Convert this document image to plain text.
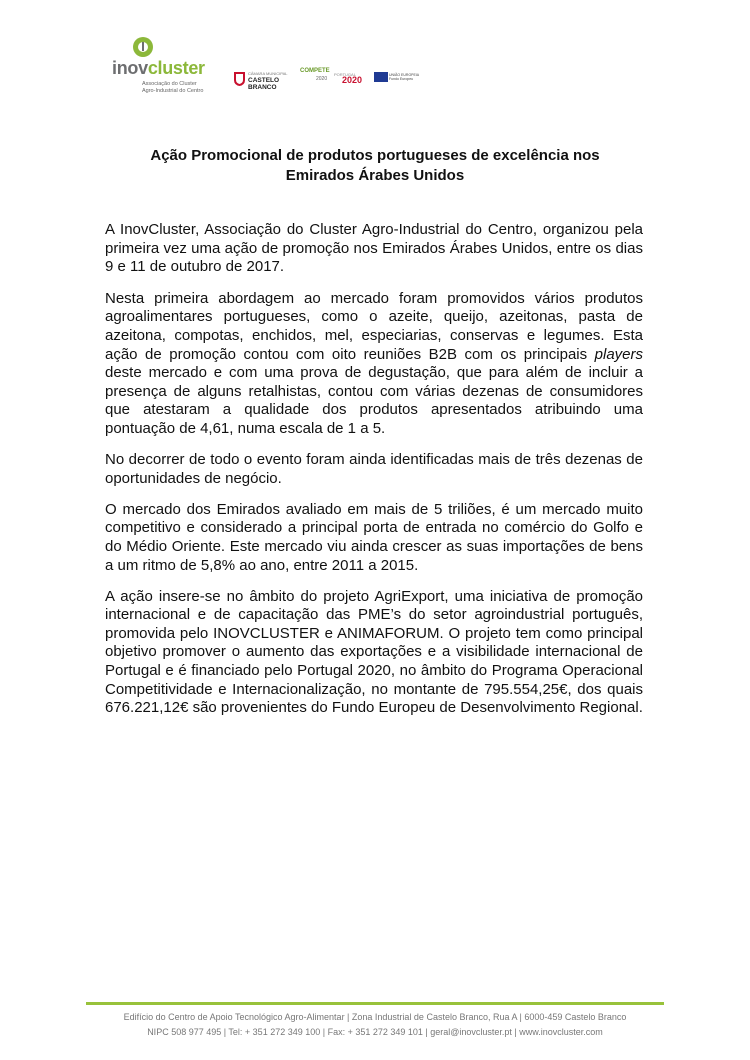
inovcluster
Associação do Cluster
Agro-Industrial do Centro
CÂMARA MUNICIPAL
CASTELO
BRANCO
COMPETE
2020
PORTUGAL
2020	UNIÃO EUROPEIA
Fundo Europeu
Ação Promocional de produtos portugueses de excelência nos
Emirados Árabes Unidos

A InovCluster, Associação do Cluster Agro-Industrial do Centro, organizou pela primeira vez uma ação de promoção nos Emirados Árabes Unidos, entre os dias 9 e 11 de outubro de 2017.

Nesta primeira abordagem ao mercado foram promovidos vários produtos agroalimentares portugueses, como o azeite, queijo, azeitonas, pasta de azeitona, compotas, enchidos, mel, especiarias, conservas e legumes. Esta ação de promoção contou com oito reuniões B2B com os principais players deste mercado e com uma prova de degustação, que para além de incluir a presença de alguns retalhistas, contou com várias dezenas de consumidores que atestaram a qualidade dos produtos apresentados atribuindo uma pontuação de 4,61, numa escala de 1 a 5.

No decorrer de todo o evento foram ainda identificadas mais de três dezenas de oportunidades de negócio.

O mercado dos Emirados avaliado em mais de 5 triliões, é um mercado muito competitivo e considerado a principal porta de entrada no comércio do Golfo e do Médio Oriente. Este mercado viu ainda crescer as suas importações de bens a um ritmo de 5,8% ao ano, entre 2011 a 2015.

A ação insere-se no âmbito do projeto AgriExport, uma iniciativa de promoção internacional e de capacitação das PME’s do setor agroindustrial português, promovida pelo INOVCLUSTER e ANIMAFORUM. O projeto tem como principal objetivo promover o aumento das exportações e a visibilidade internacional de Portugal e é financiado pelo Portugal 2020, no âmbito do Programa Operacional Competitividade e Internacionalização, no montante de 795.554,25€, dos quais 676.221,12€ são provenientes do Fundo Europeu de Desenvolvimento Regional.

Edifício do Centro de Apoio Tecnológico Agro-Alimentar | Zona Industrial de Castelo Branco, Rua A | 6000-459 Castelo Branco
NIPC 508 977 495 | Tel: + 351 272 349 100 | Fax: + 351 272 349 101 | geral@inovcluster.pt | www.inovcluster.com
